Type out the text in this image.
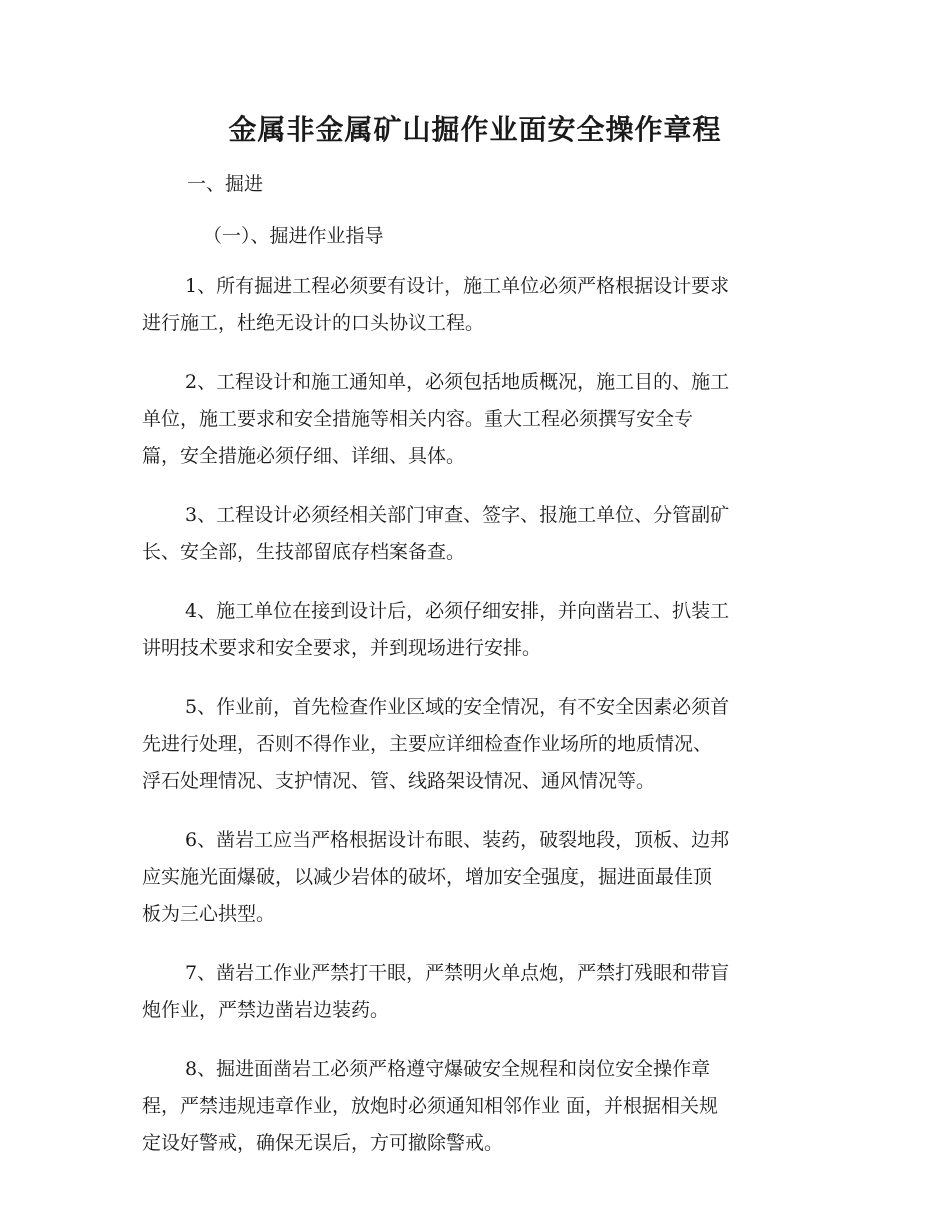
金属非金属矿山掘作业面安全操作章程

一、掘进

（一）、掘进作业指导

1、所有掘进工程必须要有设计，施工单位必须严格根据设计要求
进行施工，杜绝无设计的口头协议工程。

2、工程设计和施工通知单，必须包括地质概况，施工目的、施工
单位，施工要求和安全措施等相关内容。重大工程必须撰写安全专
篇，安全措施必须仔细、详细、具体。

3、工程设计必须经相关部门审查、签字、报施工单位、分管副矿
长、安全部，生技部留底存档案备查。

4、施工单位在接到设计后，必须仔细安排，并向凿岩工、扒装工
讲明技术要求和安全要求，并到现场进行安排。

5、作业前，首先检查作业区域的安全情况，有不安全因素必须首
先进行处理，否则不得作业，主要应详细检查作业场所的地质情况、
浮石处理情况、支护情况、管、线路架设情况、通风情况等。

6、凿岩工应当严格根据设计布眼、装药，破裂地段，顶板、边邦
应实施光面爆破，以减少岩体的破坏，增加安全强度，掘进面最佳顶
板为三心拱型。

7、凿岩工作业严禁打干眼，严禁明火单点炮，严禁打残眼和带盲
炮作业，严禁边凿岩边装药。

8、掘进面凿岩工必须严格遵守爆破安全规程和岗位安全操作章
程，严禁违规违章作业，放炮时必须通知相邻作业 面，并根据相关规
定设好警戒，确保无误后，方可撤除警戒。
